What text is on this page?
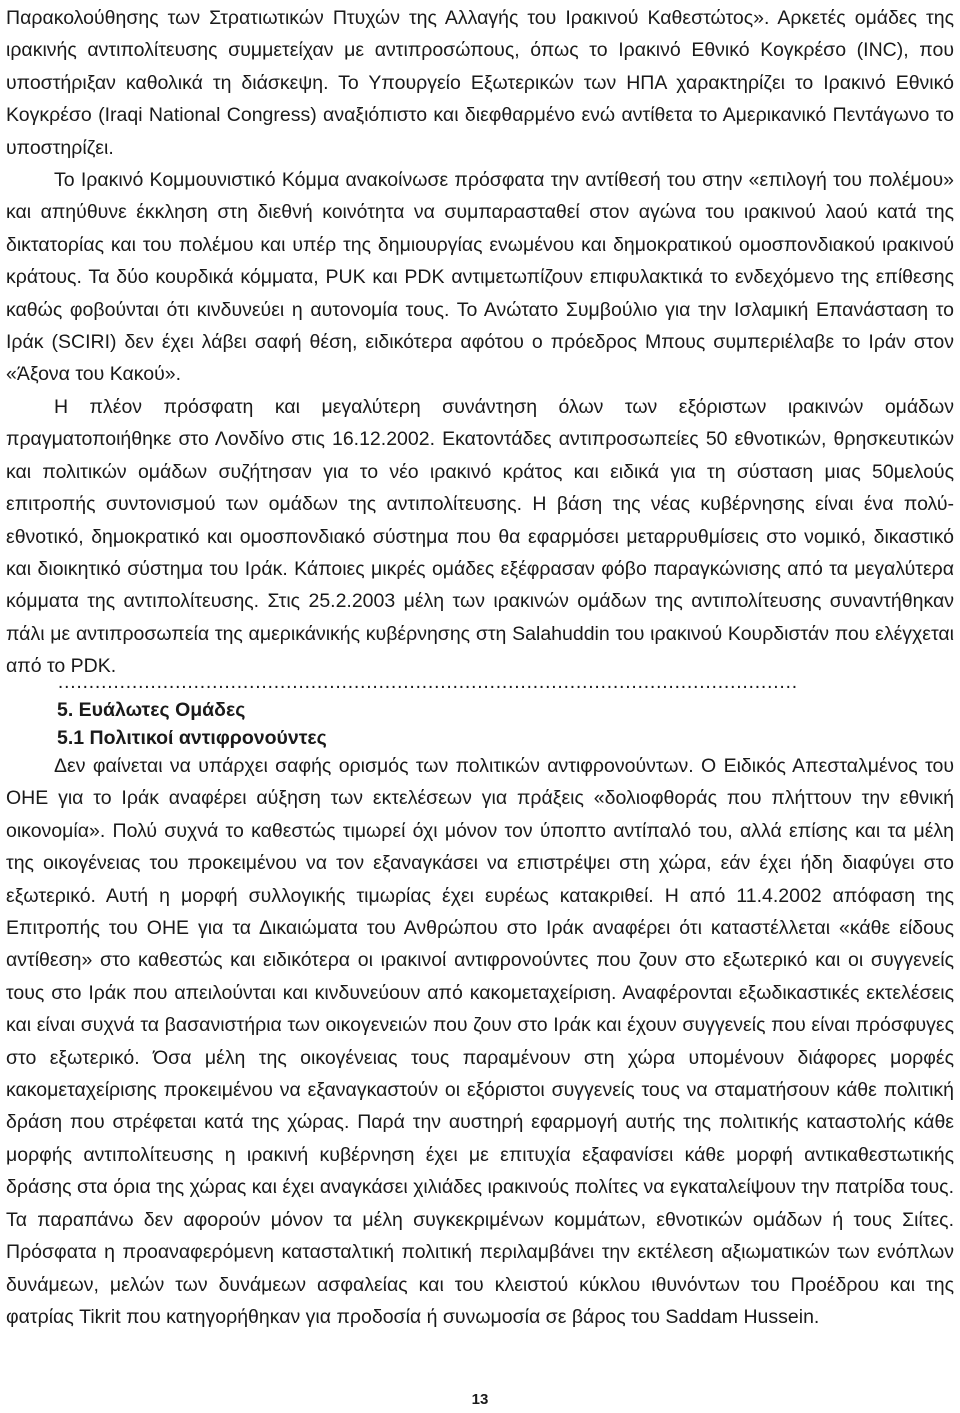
Παρακολούθησης των Στρατιωτικών Πτυχών της Αλλαγής του Ιρακινού Καθεστώτος». Αρκετές ομάδες της ιρακινής αντιπολίτευσης συμμετείχαν με αντιπροσώπους, όπως το Ιρακινό Εθνικό Κογκρέσο (INC), που υποστήριξαν καθολικά τη διάσκεψη. Το Υπουργείο Εξωτερικών των ΗΠΑ χαρακτηρίζει το Ιρακινό Εθνικό Κογκρέσο (Iraqi National Congress) αναξιόπιστο και διεφθαρμένο ενώ αντίθετα το Αμερικανικό Πεντάγωνο το υποστηρίζει.

Το Ιρακινό Κομμουνιστικό Κόμμα ανακοίνωσε πρόσφατα την αντίθεσή του στην «επιλογή του πολέμου» και απηύθυνε έκκληση στη διεθνή κοινότητα να συμπαρασταθεί στον αγώνα του ιρακινού λαού κατά της δικτατορίας και του πολέμου και υπέρ της δημιουργίας ενωμένου και δημοκρατικού ομοσπονδιακού ιρακινού κράτους. Τα δύο κουρδικά κόμματα, PUK και PDK αντιμετωπίζουν επιφυλακτικά το ενδεχόμενο της επίθεσης καθώς φοβούνται ότι κινδυνεύει η αυτονομία τους. Το Ανώτατο Συμβούλιο για την Ισλαμική Επανάσταση το Ιράκ (SCIRI) δεν έχει λάβει σαφή θέση, ειδικότερα αφότου ο πρόεδρος Μπους συμπεριέλαβε το Ιράν στον «Άξονα του Κακού».

Η πλέον πρόσφατη και μεγαλύτερη συνάντηση όλων των εξόριστων ιρακινών ομάδων πραγματοποιήθηκε στο Λονδίνο στις 16.12.2002. Εκατοντάδες αντιπροσωπείες 50 εθνοτικών, θρησκευτικών και πολιτικών ομάδων συζήτησαν για το νέο ιρακινό κράτος και ειδικά για τη σύσταση μιας 50μελούς επιτροπής συντονισμού των ομάδων της αντιπολίτευσης. Η βάση της νέας κυβέρνησης είναι ένα πολύ-εθνοτικό, δημοκρατικό και ομοσπονδιακό σύστημα που θα εφαρμόσει μεταρρυθμίσεις στο νομικό, δικαστικό και διοικητικό σύστημα του Ιράκ. Κάποιες μικρές ομάδες εξέφρασαν φόβο παραγκώνισης από τα μεγαλύτερα κόμματα της αντιπολίτευσης. Στις 25.2.2003 μέλη των ιρακινών ομάδων της αντιπολίτευσης συναντήθηκαν πάλι με αντιπροσωπεία της αμερικάνικής κυβέρνησης στη Salahuddin του ιρακινού Κουρδιστάν που ελέγχεται από το PDK.

…………………………………………………………………………………………………………
5. Ευάλωτες Ομάδες
5.1 Πολιτικοί αντιφρονούντες

Δεν φαίνεται να υπάρχει σαφής ορισμός των πολιτικών αντιφρονούντων. Ο Ειδικός Απεσταλμένος του ΟΗΕ για το Ιράκ αναφέρει αύξηση των εκτελέσεων για πράξεις «δολιοφθοράς που πλήττουν την εθνική οικονομία». Πολύ συχνά το καθεστώς τιμωρεί όχι μόνον τον ύποπτο αντίπαλό του, αλλά επίσης και τα μέλη της οικογένειας του προκειμένου να τον εξαναγκάσει να επιστρέψει στη χώρα, εάν έχει ήδη διαφύγει στο εξωτερικό. Αυτή η μορφή συλλογικής τιμωρίας έχει ευρέως κατακριθεί. Η από 11.4.2002 απόφαση της Επιτροπής του ΟΗΕ για τα Δικαιώματα του Ανθρώπου στο Ιράκ αναφέρει ότι καταστέλλεται «κάθε είδους αντίθεση» στο καθεστώς και ειδικότερα οι ιρακινοί αντιφρονούντες που ζουν στο εξωτερικό και οι συγγενείς τους στο Ιράκ που απειλούνται και κινδυνεύουν από κακομεταχείριση. Αναφέρονται εξωδικαστικές εκτελέσεις και είναι συχνά τα βασανιστήρια των οικογενειών που ζουν στο Ιράκ και έχουν συγγενείς που είναι πρόσφυγες στο εξωτερικό. Όσα μέλη της οικογένειας τους παραμένουν στη χώρα υπομένουν διάφορες μορφές κακομεταχείρισης προκειμένου να εξαναγκαστούν οι εξόριστοι συγγενείς τους να σταματήσουν κάθε πολιτική δράση που στρέφεται κατά της χώρας. Παρά την αυστηρή εφαρμογή αυτής της πολιτικής καταστολής κάθε μορφής αντιπολίτευσης η ιρακινή κυβέρνηση έχει με επιτυχία εξαφανίσει κάθε μορφή αντικαθεστωτικής δράσης στα όρια της χώρας και έχει αναγκάσει χιλιάδες ιρακινούς πολίτες να εγκαταλείψουν την πατρίδα τους. Τα παραπάνω δεν αφορούν μόνον τα μέλη συγκεκριμένων κομμάτων, εθνοτικών ομάδων ή τους Σιίτες. Πρόσφατα η προαναφερόμενη κατασταλτική πολιτική περιλαμβάνει την εκτέλεση αξιωματικών των ενόπλων δυνάμεων, μελών των δυνάμεων ασφαλείας και του κλειστού κύκλου ιθυνόντων του Προέδρου και της φατρίας Tikrit που κατηγορήθηκαν για προδοσία ή συνωμοσία σε βάρος του Saddam Hussein.

13
